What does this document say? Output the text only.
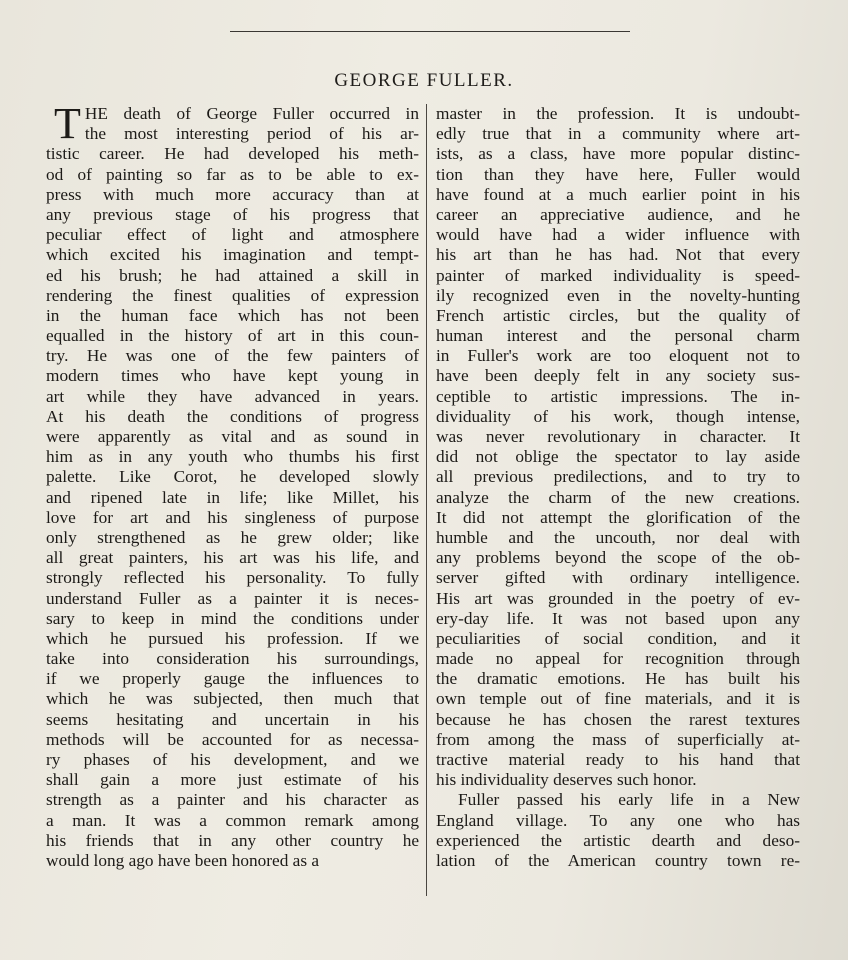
GEORGE FULLER.
T HE death of George Fuller occurred in
the most interesting period of his ar-
tistic career. He had developed his meth-
od of painting so far as to be able to ex-
press with much more accuracy than at
any previous stage of his progress that
peculiar effect of light and atmosphere
which excited his imagination and tempt-
ed his brush; he had attained a skill in
rendering the finest qualities of expression
in the human face which has not been
equalled in the history of art in this coun-
try. He was one of the few painters of
modern times who have kept young in
art while they have advanced in years.
At his death the conditions of progress
were apparently as vital and as sound in
him as in any youth who thumbs his first
palette. Like Corot, he developed slowly
and ripened late in life; like Millet, his
love for art and his singleness of purpose
only strengthened as he grew older; like
all great painters, his art was his life, and
strongly reflected his personality. To fully
understand Fuller as a painter it is neces-
sary to keep in mind the conditions under
which he pursued his profession. If we
take into consideration his surroundings,
if we properly gauge the influences to
which he was subjected, then much that
seems hesitating and uncertain in his
methods will be accounted for as necessa-
ry phases of his development, and we
shall gain a more just estimate of his
strength as a painter and his character as
a man. It was a common remark among
his friends that in any other country he
would long ago have been honored as a
master in the profession. It is undoubt-
edly true that in a community where art-
ists, as a class, have more popular distinc-
tion than they have here, Fuller would
have found at a much earlier point in his
career an appreciative audience, and he
would have had a wider influence with
his art than he has had. Not that every
painter of marked individuality is speed-
ily recognized even in the novelty-hunting
French artistic circles, but the quality of
human interest and the personal charm
in Fuller's work are too eloquent not to
have been deeply felt in any society sus-
ceptible to artistic impressions. The in-
dividuality of his work, though intense,
was never revolutionary in character. It
did not oblige the spectator to lay aside
all previous predilections, and to try to
analyze the charm of the new creations.
It did not attempt the glorification of the
humble and the uncouth, nor deal with
any problems beyond the scope of the ob-
server gifted with ordinary intelligence.
His art was grounded in the poetry of ev-
ery-day life. It was not based upon any
peculiarities of social condition, and it
made no appeal for recognition through
the dramatic emotions. He has built his
own temple out of fine materials, and it is
because he has chosen the rarest textures
from among the mass of superficially at-
tractive material ready to his hand that
his individuality deserves such honor.
Fuller passed his early life in a New
England village. To any one who has
experienced the artistic dearth and deso-
lation of the American country town re-
